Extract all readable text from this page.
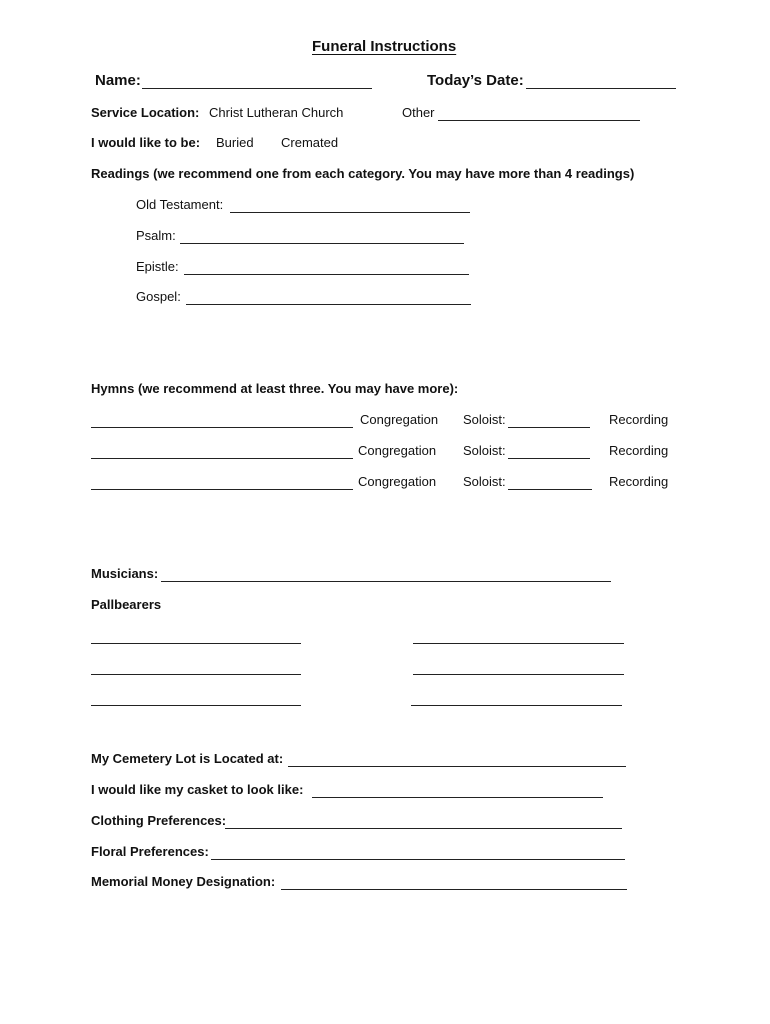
Funeral Instructions
Name:	Today’s Date:
Service Location: Christ Lutheran Church	Other
I would like to be: Buried Cremated
Readings (we recommend one from each category. You may have more than 4 readings)
Old Testament:
Psalm:
Epistle:
Gospel:
Hymns (we recommend at least three. You may have more):
Congregation Soloist:	Recording
Congregation Soloist:	Recording
Congregation Soloist:	Recording
Musicians:
Pallbearers
My Cemetery Lot is Located at:
I would like my casket to look like:
Clothing Preferences:
Floral Preferences:
Memorial Money Designation:
